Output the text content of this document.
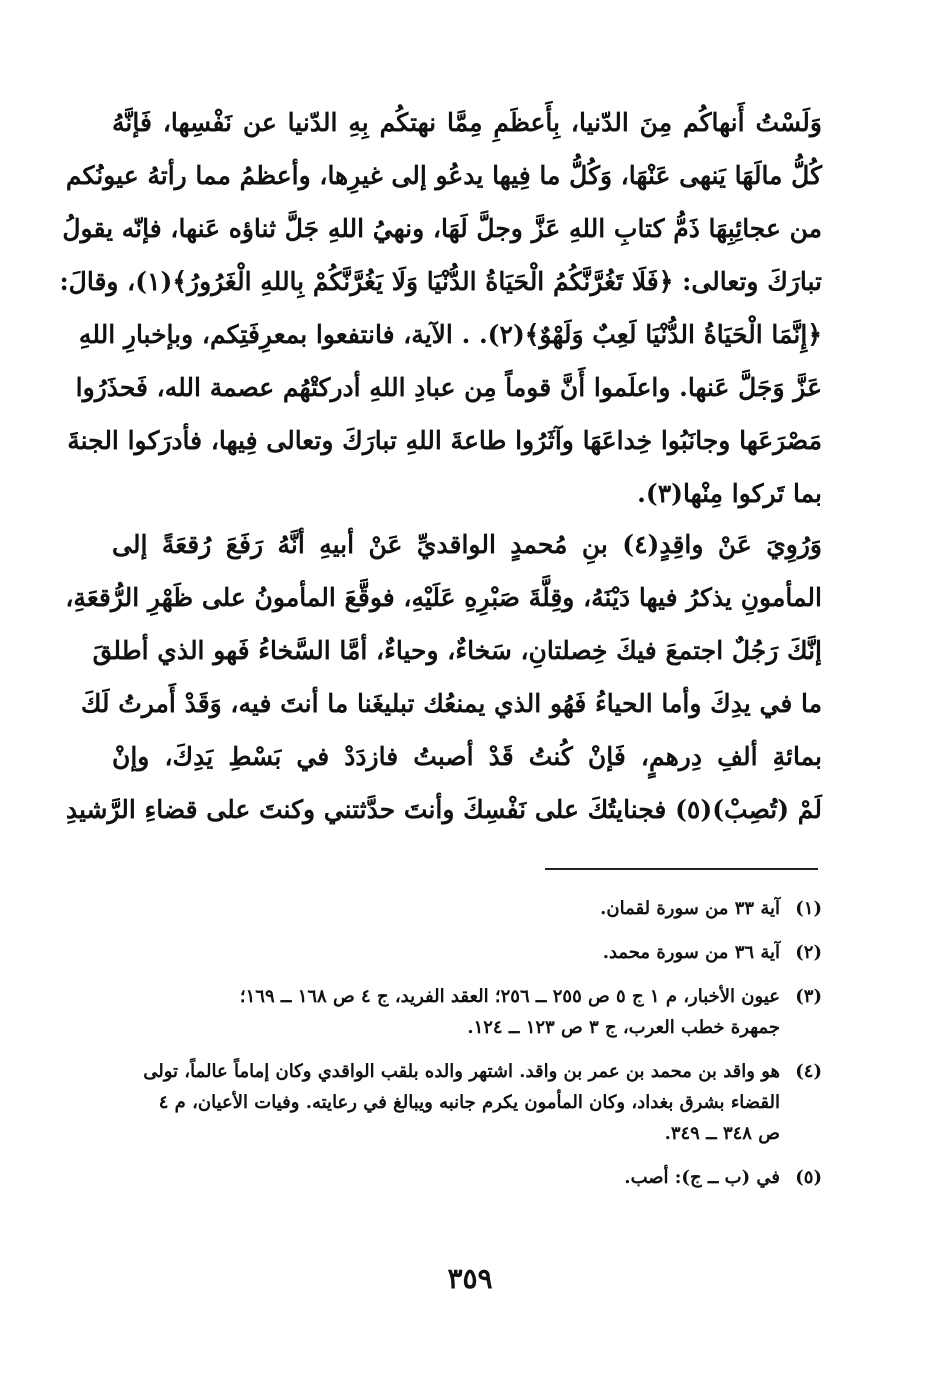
وَلَسْتُ أَنهاكُم مِنَ الدّنيا، بِأَعظَمِ مِمَّا نهتكُم بِهِ الدّنيا عن نَفْسِها، فَإنَّهُ
كُلُّ مالَهَا يَنهى عَنْهَا، وَكُلُّ ما فِيها يدعُو إلى غيرِها، وأعظمُ مما رأتهُ عيونُكم
من عجائِبِهَا ذَمُّ كتابِ اللهِ عَزَّ وجلَّ لَهَا، ونهيُ اللهِ جَلَّ ثناؤه عَنها، فإنّه يقولُ
تبارَكَ وتعالى: ﴿فَلَا تَغُرَّنَّكُمُ الْحَيَاةُ الدُّنْيَا وَلَا يَغُرَّنَّكُمْ بِاللهِ الْغَرُورُ﴾(١)، وقالَ:
﴿إِنَّمَا الْحَيَاةُ الدُّنْيَا لَعِبٌ وَلَهْوٌ﴾(٢). . الآية، فانتفعوا بمعرِفَتِكم، وبإخبارِ اللهِ
عَزَّ وَجَلَّ عَنها. واعلَموا أَنَّ قوماً مِن عبادِ اللهِ أدركتْهُم عصمة الله، فَحذَرُوا
مَصْرَعَها وجانَبُوا خِداعَهَا وآثَرُوا طاعةَ اللهِ تبارَكَ وتعالى فِيها، فأدرَكوا الجنةَ
بما تَركوا مِنْها(٣).
وَرُوِيَ عَنْ واقِدٍ(٤) بنِ مُحمدٍ الواقديِّ عَنْ أبيهِ أنَّهُ رَفَعَ رُقعَةً إلى
المأمونِ يذكرُ فيها دَيْنَهُ، وقِلَّةَ صَبْرِهِ عَلَيْهِ، فوقَّعَ المأمونُ على ظَهْرِ الرُّقعَةِ،
إنَّكَ رَجُلٌ اجتمعَ فيكَ خِصلتانِ، سَخاءٌ، وحياءٌ، أمَّا السَّخاءُ فَهو الذي أطلقَ
ما في يدِكَ وأما الحياءُ فَهُو الذي يمنعُك تبليغَنا ما أنتَ فيه، وَقَدْ أَمرتُ لَكَ
بمائةِ ألفِ دِرهمٍ، فَإنْ كُنتُ قَدْ أصبتُ فازدَدْ في بَسْطِ يَدِكَ، وإنْ
لَمْ (تُصِبْ)(٥) فجنايتُكَ على نَفْسِكَ وأنتَ حدَّثتني وكنتَ على قضاءِ الرَّشيدِ
(١)
آية ٣٣ من سورة لقمان.
(٢)
آية ٣٦ من سورة محمد.
(٣)
عيون الأخبار، م ١ ج ٥ ص ٢٥٥ ــ ٢٥٦؛ العقد الفريد، ج ٤ ص ١٦٨ ــ ١٦٩؛
جمهرة خطب العرب، ج ٣ ص ١٢٣ ــ ١٢٤.
(٤)
هو واقد بن محمد بن عمر بن واقد. اشتهر والده بلقب الواقدي وكان إماماً عالماً، تولى
القضاء بشرق بغداد، وكان المأمون يكرم جانبه ويبالغ في رعايته. وفيات الأعيان، م ٤
ص ٣٤٨ ــ ٣٤٩.
(٥)
في (ب ــ ج): أصب.
٣٥٩
